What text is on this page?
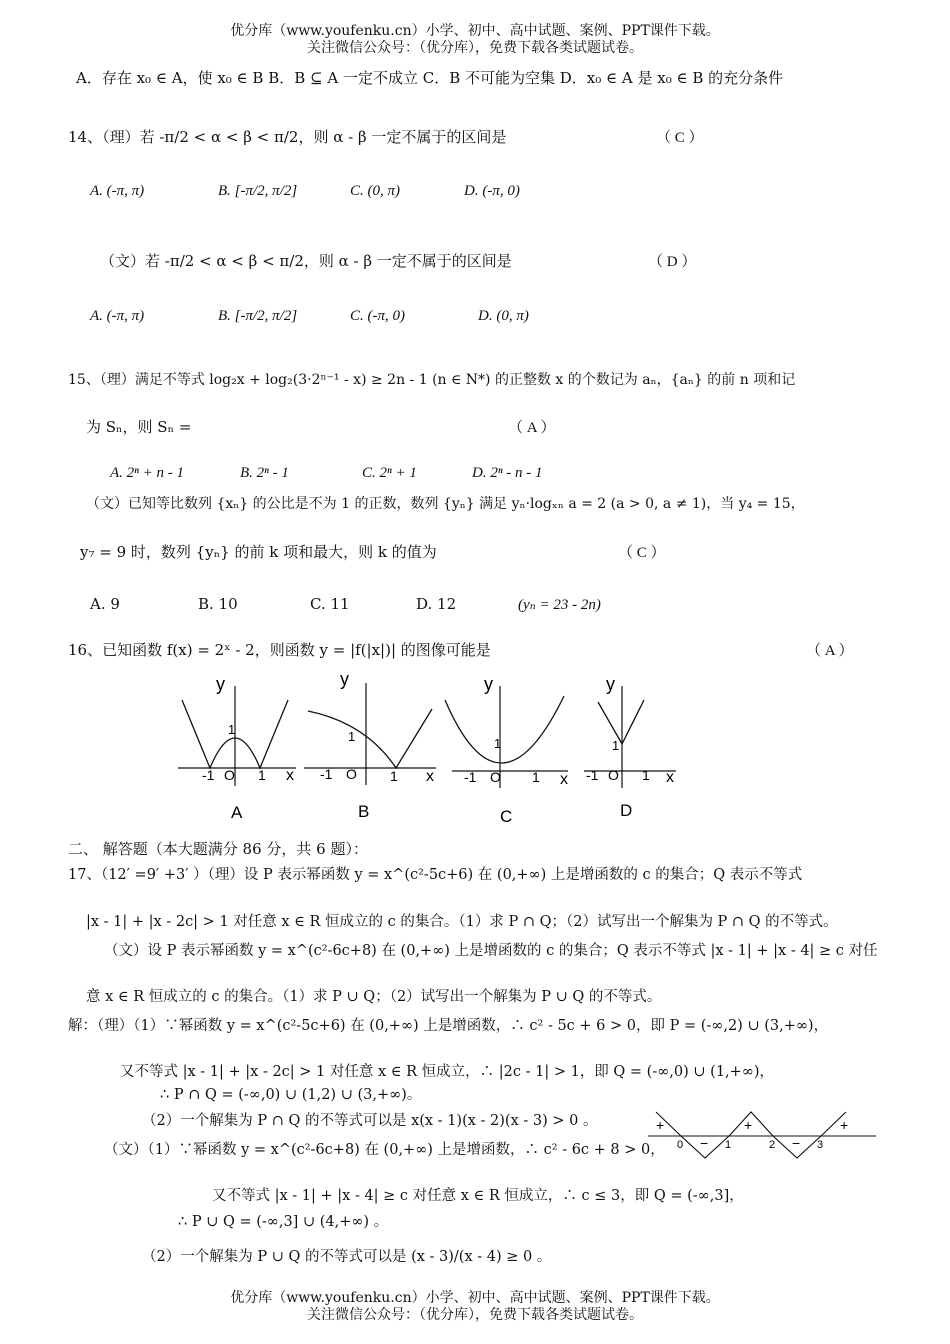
优分库（www.youfenku.cn）小学、初中、高中试题、案例、PPT课件下载。
关注微信公众号：（优分库），免费下载各类试题试卷。
A．存在 x₀ ∈ A，使 x₀ ∈ B B．B ⊆ A 一定不成立 C．B 不可能为空集 D．x₀ ∈ A 是 x₀ ∈ B 的充分条件
14、（理）若 -π/2 < α < β < π/2，则 α - β 一定不属于的区间是	（ C ）
A. (-π, π)	B. [-π/2, π/2]	C. (0, π)	D. (-π, 0)
（文）若 -π/2 < α < β < π/2，则 α - β 一定不属于的区间是	（ D ）
A. (-π, π)	B. [-π/2, π/2]	C. (-π, 0)	D. (0, π)
15、（理）满足不等式 log₂x + log₂(3·2ⁿ⁻¹ - x) ≥ 2n - 1 (n ∈ N*) 的正整数 x 的个数记为 aₙ，{aₙ} 的前 n 项和记
为 Sₙ，则 Sₙ =	（ A ）
A. 2ⁿ + n - 1	B. 2ⁿ - 1	C. 2ⁿ + 1	D. 2ⁿ - n - 1
（文）已知等比数列 {xₙ} 的公比是不为 1 的正数，数列 {yₙ} 满足 yₙ·logₓₙ a = 2 (a > 0, a ≠ 1)，当 y₄ = 15，
y₇ = 9 时，数列 {yₙ} 的前 k 项和最大，则 k 的值为	（ C ）
A. 9	B. 10	C. 11	D. 12	(yₙ = 23 - 2n)
16、已知函数 f(x) = 2ˣ - 2，则函数 y = |f(|x|)| 的图像可能是	（ A ）
y
x
-1 O 1
1
A
y
x
-1 O 1
1
B
y
x
-1 O 1
1
C
y
x
-1 O 1
1
D
二、 解答题（本大题满分 86 分，共 6 题）：
17、（12′ =9′ +3′ ）（理）设 P 表示幂函数 y = x^(c²-5c+6) 在 (0,+∞) 上是增函数的 c 的集合；Q 表示不等式
|x - 1| + |x - 2c| > 1 对任意 x ∈ R 恒成立的 c 的集合。（1）求 P ∩ Q；（2）试写出一个解集为 P ∩ Q 的不等式。
（文）设 P 表示幂函数 y = x^(c²-6c+8) 在 (0,+∞) 上是增函数的 c 的集合；Q 表示不等式 |x - 1| + |x - 4| ≥ c 对任
意 x ∈ R 恒成立的 c 的集合。（1）求 P ∪ Q；（2）试写出一个解集为 P ∪ Q 的不等式。
解：（理）（1）∵幂函数 y = x^(c²-5c+6) 在 (0,+∞) 上是增函数，∴ c² - 5c + 6 > 0，即 P = (-∞,2) ∪ (3,+∞)，
又不等式 |x - 1| + |x - 2c| > 1 对任意 x ∈ R 恒成立，∴ |2c - 1| > 1，即 Q = (-∞,0) ∪ (1,+∞)，
∴ P ∩ Q = (-∞,0) ∪ (1,2) ∪ (3,+∞)。
（2）一个解集为 P ∩ Q 的不等式可以是 x(x - 1)(x - 2)(x - 3) > 0 。
（文）（1）∵幂函数 y = x^(c²-6c+8) 在 (0,+∞) 上是增函数，∴ c² - 6c + 8 > 0，
又不等式 |x - 1| + |x - 4| ≥ c 对任意 x ∈ R 恒成立，∴ c ≤ 3，即 Q = (-∞,3]，
∴ P ∪ Q = (-∞,3] ∪ (4,+∞) 。
（2）一个解集为 P ∪ Q 的不等式可以是 (x - 3)/(x - 4) ≥ 0 。
+
−
+
−
+
0	1	2	3
优分库（www.youfenku.cn）小学、初中、高中试题、案例、PPT课件下载。
关注微信公众号：（优分库），免费下载各类试题试卷。
